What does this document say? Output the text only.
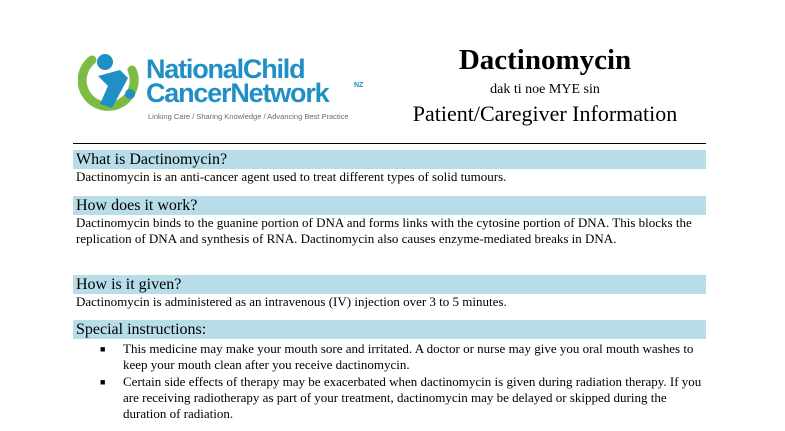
NationalChild
CancerNetwork	NZ
Linking Care / Sharing Knowledge / Advancing Best Practice
Dactinomycin
dak ti noe MYE sin
Patient/Caregiver Information
What is Dactinomycin?

Dactinomycin is an anti-cancer agent used to treat different types of solid tumours.

How does it work?

Dactinomycin binds to the guanine portion of DNA and forms links with the cytosine portion of DNA. This blocks the replication of DNA and synthesis of RNA. Dactinomycin also causes enzyme-mediated breaks in DNA.

How is it given?

Dactinomycin is administered as an intravenous (IV) injection over 3 to 5 minutes.

Special instructions:
■ This medicine may make your mouth sore and irritated. A doctor or nurse may give you oral mouth washes to keep your mouth clean after you receive dactinomycin.
■ Certain side effects of therapy may be exacerbated when dactinomycin is given during radiation therapy. If you are receiving radiotherapy as part of your treatment, dactinomycin may be delayed or skipped during the duration of radiation.
